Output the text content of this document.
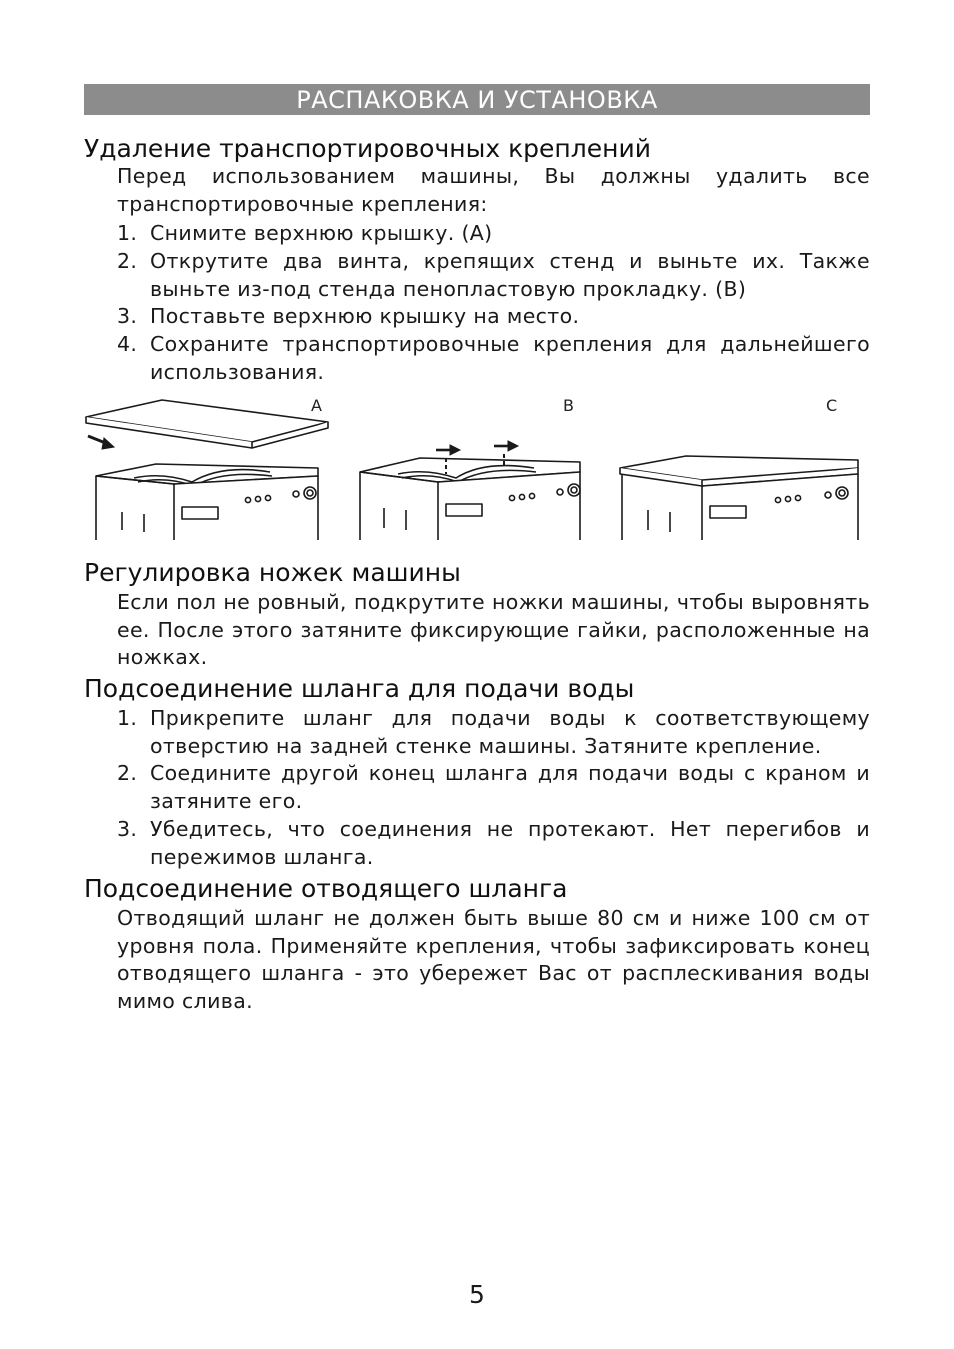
РАСПАКОВКА И УСТАНОВКА
Удаление транспортировочных креплений

Перед использованием машины, Вы должны удалить все транспортировочные крепления:

1. Снимите верхнюю крышку. (А)
2. Открутите два винта, крепящих стенд и выньте их. Также выньте из-под стенда пенопластовую прокладку. (В)
3. Поставьте верхнюю крышку на место.
4. Сохраните транспортировочные крепления для дальнейшего использования.
A	B	C
Регулировка ножек машины

Если пол не ровный, подкрутите ножки машины, чтобы выровнять ее. После этого затяните фиксирующие гайки, расположенные на ножках.

Подсоединение шланга для подачи воды
1. Прикрепите шланг для подачи воды к соответствующему отверстию на задней стенке машины. Затяните крепление.
2. Соедините другой конец шланга для подачи воды с краном и затяните его.
3. Убедитесь, что соединения не протекают. Нет перегибов и пережимов шланга.
Подсоединение отводящего шланга

Отводящий шланг не должен быть выше 80 см и ниже 100 см от уровня пола. Применяйте крепления, чтобы зафиксировать конец отводящего шланга - это убережет Вас от расплескивания воды мимо слива.

5
